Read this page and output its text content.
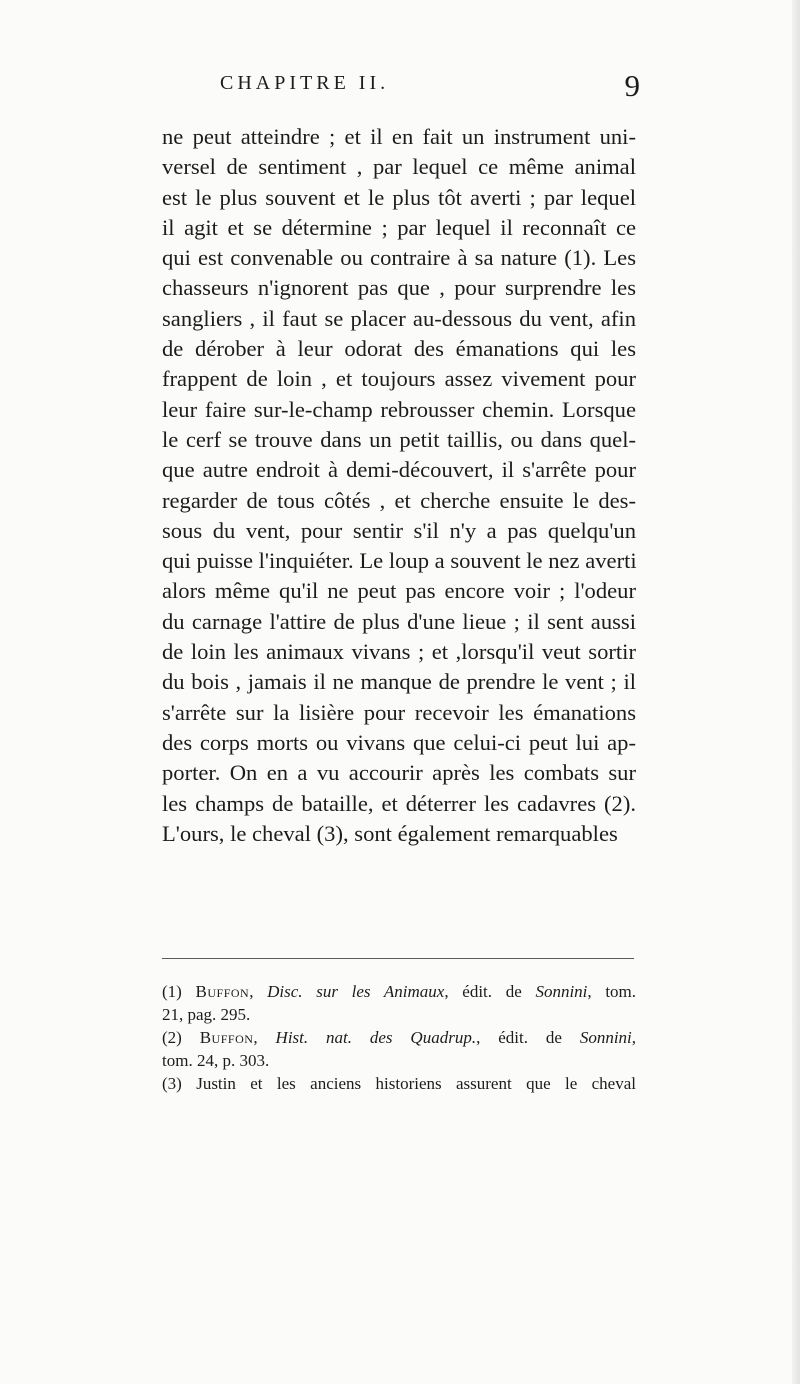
CHAPITRE II.	9
ne peut atteindre ; et il en fait un instrument uni-
versel de sentiment , par lequel ce même animal
est le plus souvent et le plus tôt averti ; par lequel
il agit et se détermine ; par lequel il reconnaît ce
qui est convenable ou contraire à sa nature (1). Les
chasseurs n'ignorent pas que , pour surprendre les
sangliers , il faut se placer au-dessous du vent, afin
de dérober à leur odorat des émanations qui les
frappent de loin , et toujours assez vivement pour
leur faire sur-le-champ rebrousser chemin. Lorsque
le cerf se trouve dans un petit taillis, ou dans quel-
que autre endroit à demi-découvert, il s'arrête pour
regarder de tous côtés , et cherche ensuite le des-
sous du vent, pour sentir s'il n'y a pas quelqu'un
qui puisse l'inquiéter. Le loup a souvent le nez averti
alors même qu'il ne peut pas encore voir ; l'odeur
du carnage l'attire de plus d'une lieue ; il sent aussi
de loin les animaux vivans ; et ,lorsqu'il veut sortir
du bois , jamais il ne manque de prendre le vent ; il
s'arrête sur la lisière pour recevoir les émanations
des corps morts ou vivans que celui-ci peut lui ap-
porter. On en a vu accourir après les combats sur
les champs de bataille, et déterrer les cadavres (2).
L'ours, le cheval (3), sont également remarquables
(1) Buffon, Disc. sur les Animaux, édit. de Sonnini, tom.
21, pag. 295.
(2) Buffon, Hist. nat. des Quadrup., édit. de Sonnini,
tom. 24, p. 303.
(3) Justin et les anciens historiens assurent que le cheval
